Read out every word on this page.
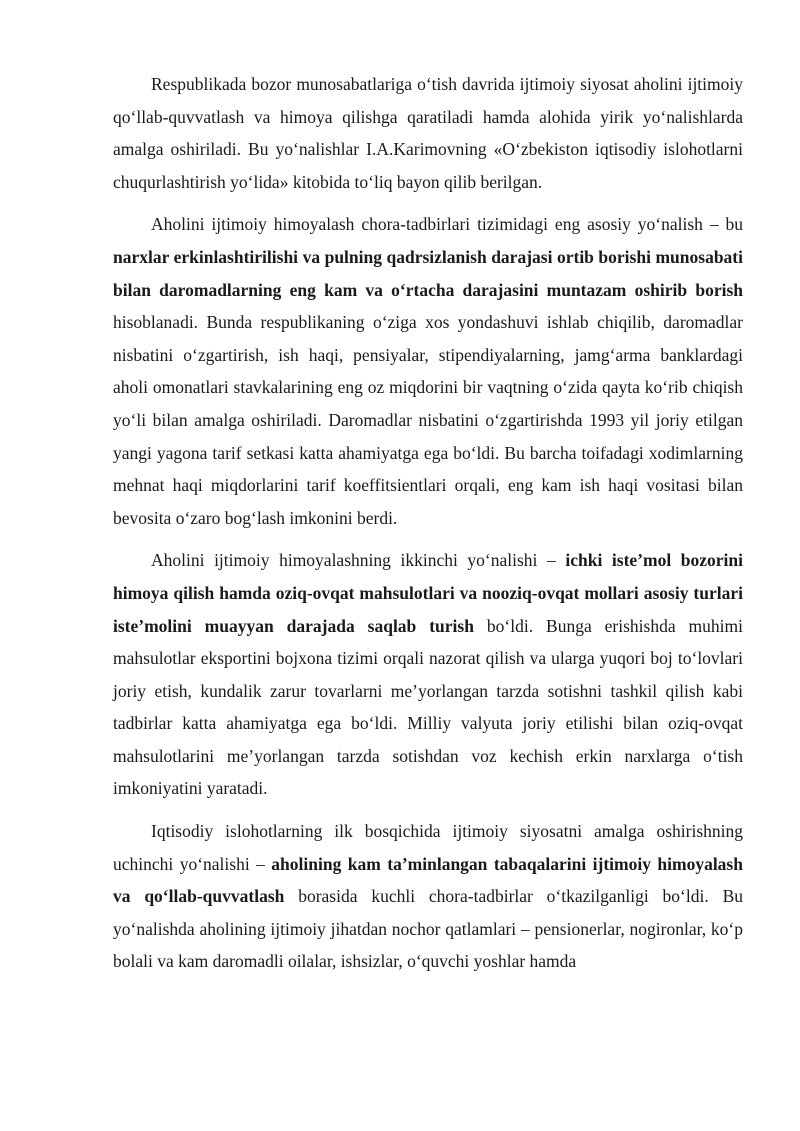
Respublikada bozor munosabatlariga o‘tish davrida ijtimoiy siyosat aholini ijtimoiy qo‘llab-quvvatlash va himoya qilishga qaratiladi hamda alohida yirik yo‘nalishlarda amalga oshiriladi. Bu yo‘nalishlar I.A.Karimovning «O‘zbekiston iqtisodiy islohotlarni chuqurlashtirish yo‘lida» kitobida to‘liq bayon qilib berilgan.

Aholini ijtimoiy himoyalash chora-tadbirlari tizimidagi eng asosiy yo‘nalish – bu narxlar erkinlashtirilishi va pulning qadrsizlanish darajasi ortib borishi munosabati bilan daromadlarning eng kam va o‘rtacha darajasini muntazam oshirib borish hisoblanadi. Bunda respublikaning o‘ziga xos yondashuvi ishlab chiqilib, daromadlar nisbatini o‘zgartirish, ish haqi, pensiyalar, stipendiyalarning, jamg‘arma banklardagi aholi omonatlari stavkalarining eng oz miqdorini bir vaqtning o‘zida qayta ko‘rib chiqish yo‘li bilan amalga oshiriladi. Daromadlar nisbatini o‘zgartirishda 1993 yil joriy etilgan yangi yagona tarif setkasi katta ahamiyatga ega bo‘ldi. Bu barcha toifadagi xodimlarning mehnat haqi miqdorlarini tarif koeffitsientlari orqali, eng kam ish haqi vositasi bilan bevosita o‘zaro bog‘lash imkonini berdi.

Aholini ijtimoiy himoyalashning ikkinchi yo‘nalishi – ichki iste’mol bozorini himoya qilish hamda oziq-ovqat mahsulotlari va nooziq-ovqat mollari asosiy turlari iste’molini muayyan darajada saqlab turish bo‘ldi. Bunga erishishda muhimi mahsulotlar eksportini bojxona tizimi orqali nazorat qilish va ularga yuqori boj to‘lovlari joriy etish, kundalik zarur tovarlarni me’yorlangan tarzda sotishni tashkil qilish kabi tadbirlar katta ahamiyatga ega bo‘ldi. Milliy valyuta joriy etilishi bilan oziq-ovqat mahsulotlarini me’yorlangan tarzda sotishdan voz kechish erkin narxlarga o‘tish imkoniyatini yaratadi.

Iqtisodiy islohotlarning ilk bosqichida ijtimoiy siyosatni amalga oshirishning uchinchi yo‘nalishi – aholining kam ta’minlangan tabaqalarini ijtimoiy himoyalash va qo‘llab-quvvatlash borasida kuchli chora-tadbirlar o‘tkazilganligi bo‘ldi. Bu yo‘nalishda aholining ijtimoiy jihatdan nochor qatlamlari – pensionerlar, nogironlar, ko‘p bolali va kam daromadli oilalar, ishsizlar, o‘quvchi yoshlar hamda
